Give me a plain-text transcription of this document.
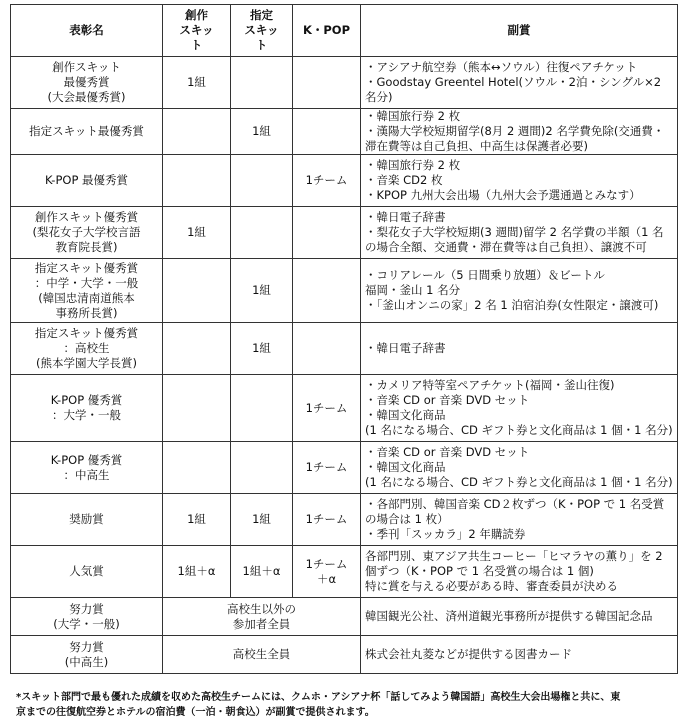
表彰名	創作
スキッ
ト	指定
スキッ
ト	K・POP	副賞

創作スキット
最優秀賞
(大会最優秀賞)	1組			・アシアナ航空券（熊本↔ソウル）往復ペアチケット
・Goodstay Greentel Hotel(ソウル・2泊・シングル×2
名分)

指定スキット最優秀賞		1組		・韓国旅行券 2 枚
・漢陽大学校短期留学(8月 2 週間)2 名学費免除(交通費・
滞在費等は自己負担、中高生は保護者必要)

K-POP 最優秀賞			1チーム	・韓国旅行券 2 枚
・音楽 CD2 枚
・KPOP 九州大会出場（九州大会予選通過とみなす）

創作スキット優秀賞
(梨花女子大学校言語
教育院長賞)	1組			・韓日電子辞書
・梨花女子大学校短期(3 週間)留学 2 名学費の半額（1 名
の場合全額、交通費・滞在費等は自己負担）、譲渡不可

指定スキット優秀賞
：中学・大学・一般
(韓国忠清南道熊本
事務所長賞)		1組		・コリアレール（5 日間乗り放題）＆ビートル
福岡・釜山 1 名分
・「釜山オンニの家」2 名 1 泊宿泊券(女性限定・譲渡可)

指定スキット優秀賞
：高校生
(熊本学園大学長賞)		1組		・韓日電子辞書

K-POP 優秀賞
：大学・一般			1チーム	・カメリア特等室ペアチケット(福岡・釜山往復)
・音楽 CD or 音楽 DVD セット
・韓国文化商品
(1 名になる場合、CD ギフト券と文化商品は 1 個・1 名分)

K-POP 優秀賞
：中高生			1チーム	・音楽 CD or 音楽 DVD セット
・韓国文化商品
(1 名になる場合、CD ギフト券と文化商品は 1 個・1 名分)

奨励賞	1組	1組	1チーム	・各部門別、韓国音楽 CD２枚ずつ（K・POP で 1 名受賞
の場合は 1 枚）
・季刊「スッカラ」2 年購読券

人気賞	1組＋α	1組＋α	1チーム
＋α	各部門別、東アジア共生コーヒー「ヒマラヤの薫り」を 2
個ずつ（K・POP で 1 名受賞の場合は 1 個)
特に賞を与える必要がある時、審査委員が決める

努力賞
(大学・一般)	高校生以外の
参加者全員			韓国観光公社、済州道観光事務所が提供する韓国記念品

努力賞
(中高生)	高校生全員			株式会社丸菱などが提供する図書カード
*スキット部門で最も優れた成績を収めた高校生チームには、クムホ・アシアナ杯「話してみよう韓国語」高校生大会出場権と共に、東
京までの往復航空券とホテルの宿泊費（一泊・朝食込）が副賞で提供されます。
